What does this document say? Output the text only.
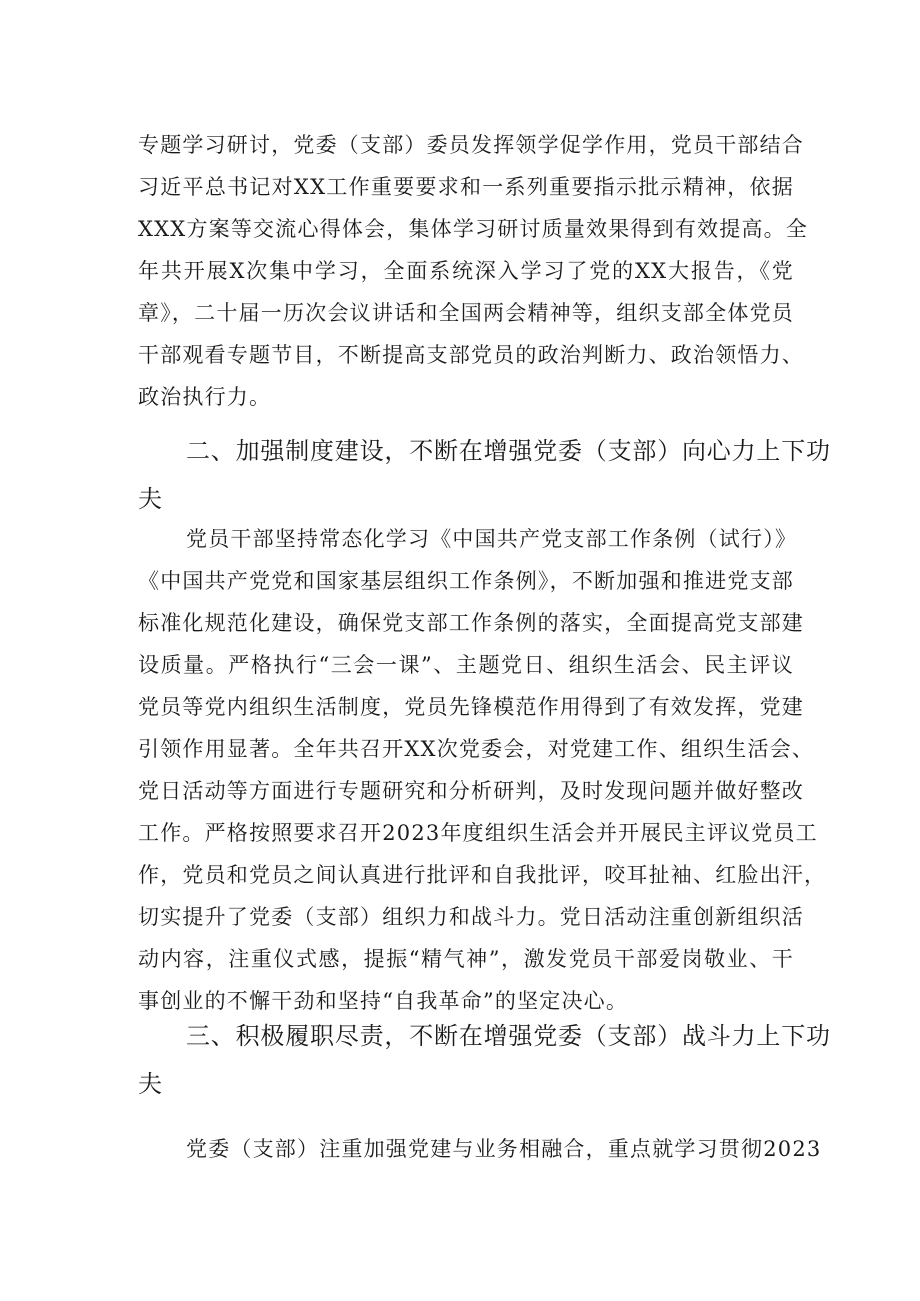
专题学习研讨，党委（支部）委员发挥领学促学作用，党员干部结合
习近平总书记对XX工作重要要求和一系列重要指示批示精神，依据
XXX方案等交流心得体会，集体学习研讨质量效果得到有效提高。全
年共开展X次集中学习，全面系统深入学习了党的XX大报告，《党
章》，二十届一历次会议讲话和全国两会精神等，组织支部全体党员
干部观看专题节目，不断提高支部党员的政治判断力、政治领悟力、
政治执行力。
二、加强制度建设，不断在增强党委（支部）向心力上下功
夫
党员干部坚持常态化学习《中国共产党支部工作条例（试行）》
《中国共产党党和国家基层组织工作条例》，不断加强和推进党支部
标准化规范化建设，确保党支部工作条例的落实，全面提高党支部建
设质量。严格执行“三会一课”、主题党日、组织生活会、民主评议
党员等党内组织生活制度，党员先锋模范作用得到了有效发挥，党建
引领作用显著。全年共召开XX次党委会，对党建工作、组织生活会、
党日活动等方面进行专题研究和分析研判，及时发现问题并做好整改
工作。严格按照要求召开2023年度组织生活会并开展民主评议党员工
作，党员和党员之间认真进行批评和自我批评，咬耳扯袖、红脸出汗，
切实提升了党委（支部）组织力和战斗力。党日活动注重创新组织活
动内容，注重仪式感，提振“精气神”，激发党员干部爱岗敬业、干
事创业的不懈干劲和坚持“自我革命”的坚定决心。
三、积极履职尽责，不断在增强党委（支部）战斗力上下功
夫
党委（支部）注重加强党建与业务相融合，重点就学习贯彻2023
